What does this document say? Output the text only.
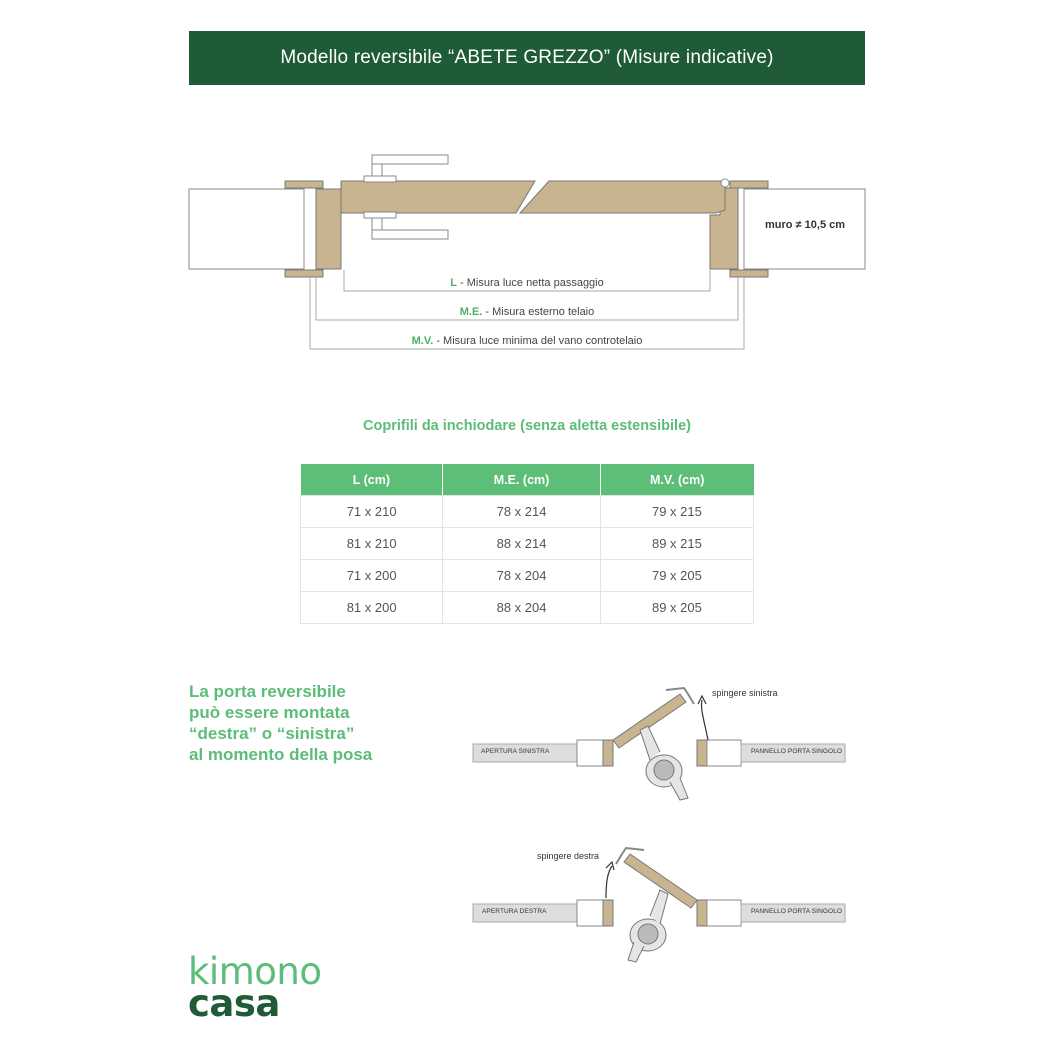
Modello reversibile “ABETE GREZZO” (Misure indicative)
muro ≠ 10,5 cm
L - Misura luce netta passaggio
M.E. - Misura esterno telaio
M.V. - Misura luce minima del vano controtelaio
Coprifili da inchiodare (senza aletta estensibile)
L (cm)	M.E. (cm)	M.V. (cm)
71 x 210	78 x 214	79 x 215
81 x 210	88 x 214	89 x 215
71 x 200	78 x 204	79 x 205
81 x 200	88 x 204	89 x 205
La porta reversibile
può essere montata
“destra” o “sinistra”
al momento della posa	APERTURA SINISTRA	PANNELLO PORTA SINGOLO
spingere sinistra
APERTURA DESTRA	PANNELLO PORTA SINGOLO
spingere destra
kimono
casa
